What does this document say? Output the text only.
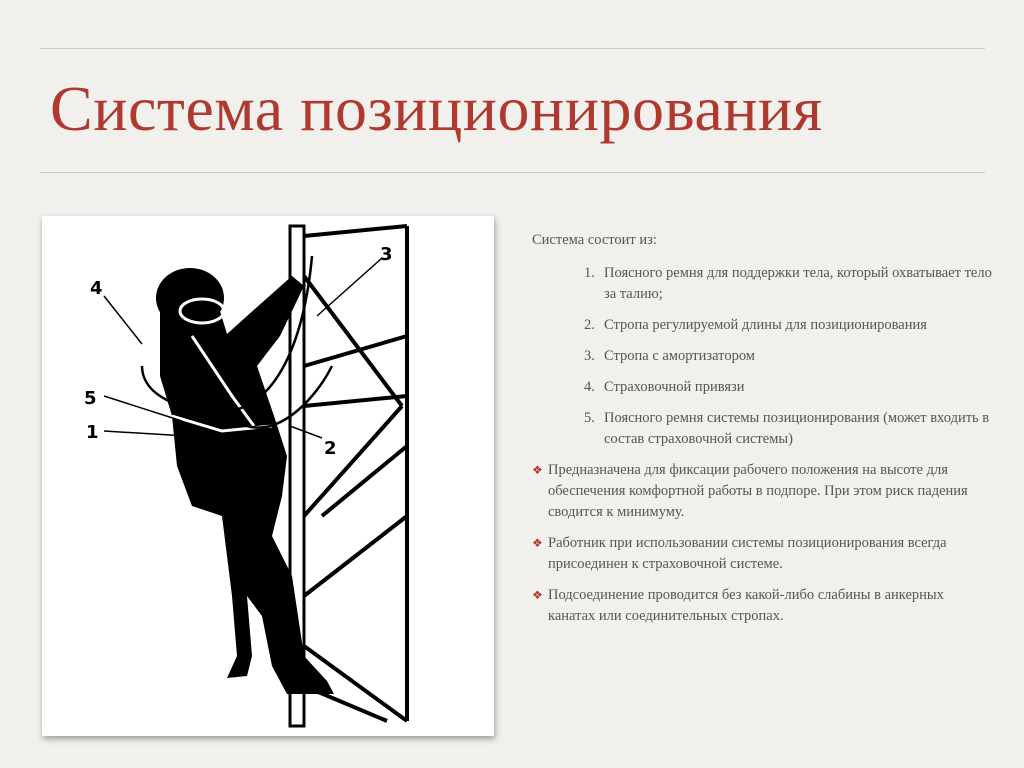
Система позиционирования
4
3
5
1
2

Система состоит из:

Поясного ремня для поддержки тела, который охватывает тело за талию;
Стропа регулируемой длины для позиционирования
Стропа с амортизатором
Страховочной привязи
Поясного ремня системы позиционирования (может входить в состав страховочной системы)
❖ Предназначена для фиксации рабочего положения на высоте для обеспечения комфортной работы в подпоре. При этом риск падения сводится к минимуму.
❖ Работник при использовании системы позиционирования всегда присоединен к страховочной системе.
❖ Подсоединение проводится без какой-либо слабины в анкерных канатах или соединительных стропах.
